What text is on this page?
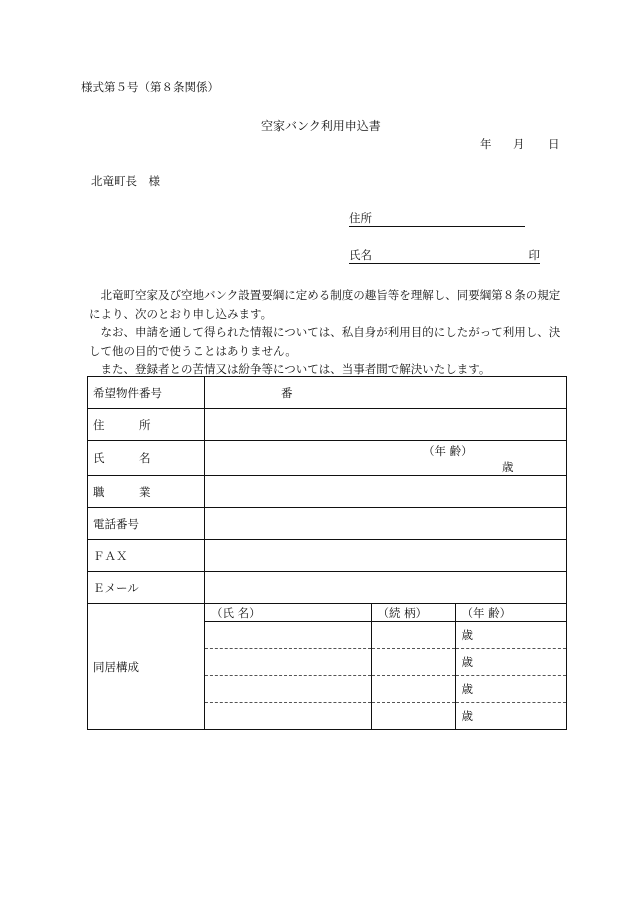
様式第５号（第８条関係）
空家バンク利用申込書
年 月 日
北竜町長　様
住所
氏名	印

北竜町空家及び空地バンク設置要綱に定める制度の趣旨等を理解し、同要綱第８条の規定により、次のとおり申し込みます。

なお、申請を通して得られた情報については、私自身が利用目的にしたがって利用し、決して他の目的で使うことはありません。

また、登録者との苦情又は紛争等については、当事者間で解決いたします。

希望物件番号	番
住　　　所	
氏　　　名	（年 齢）
歳

職　　　業	
電話番号	
ＦＡＸ	
Ｅメール	
同居構成	
（氏 名）	（続 柄）	（年 齢）
		歳
		歳
		歳
		歳
